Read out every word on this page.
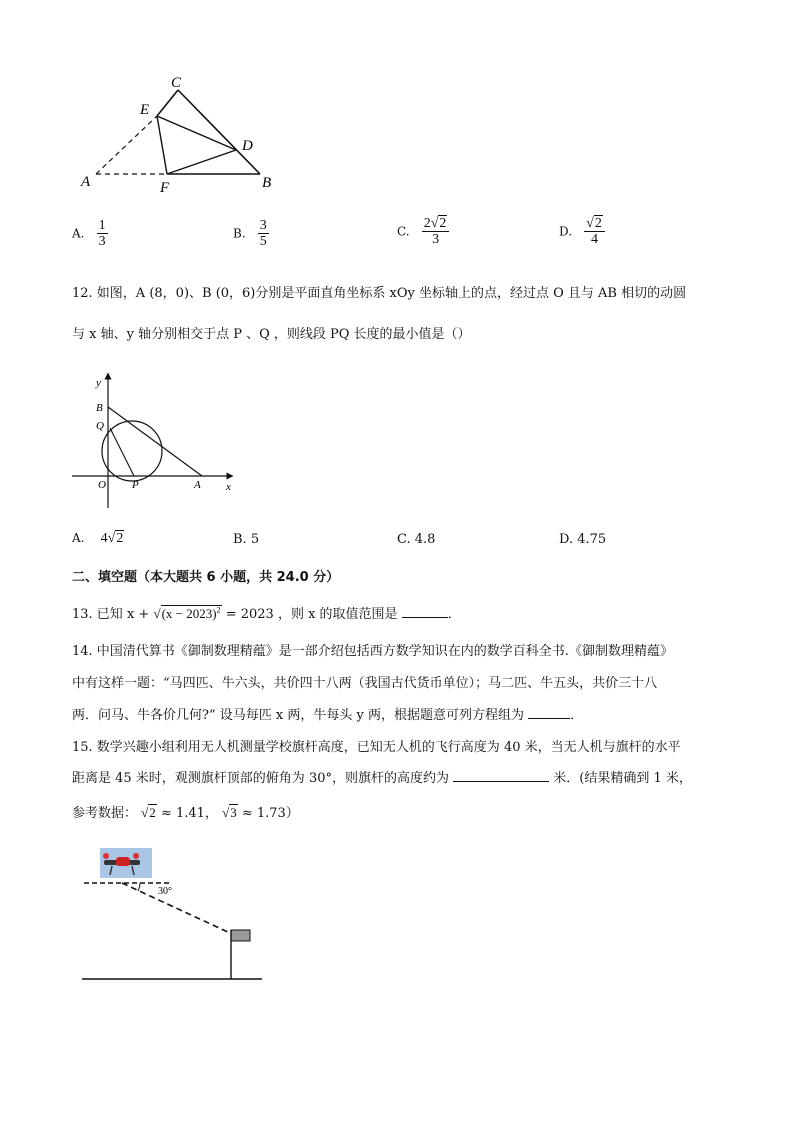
C
E
D
A	F	B
A. $\frac{1}{3}$	B. $\frac{3}{5}$	C. $\frac{2√2}{3}$	D. $\frac{√2}{4}$
12. 如图，A (8，0)、B (0，6)分别是平面直角坐标系 xOy 坐标轴上的点，经过点 O 且与 AB 相切的动圆
与 x 轴、y 轴分别相交于点 P 、Q ，则线段 PQ 长度的最小值是（）
y
x
B
Q
O P	A
A. 4√2	B. 5	C. 4.8	D. 4.75
二、填空题（本大题共 6 小题，共 24.0 分）
13. 已知 $x + √(x - 2023)^2 = 2023$ ，则 x 的取值范围是	．
14. 中国清代算书《御制数理精蕴》是一部介绍包括西方数学知识在内的数学百科全书.《御制数理精蕴》
中有这样一题：“马四匹、牛六头，共价四十八两（我国古代货币单位）；马二匹、牛五头，共价三十八
两．问马、牛各价几何?” 设马每匹 x 两，牛每头 y 两，根据题意可列方程组为	．
15. 数学兴趣小组利用无人机测量学校旗杆高度，已知无人机的飞行高度为 40 米，当无人机与旗杆的水平
距离是 45 米时，观测旗杆顶部的俯角为 30°，则旗杆的高度约为	米．(结果精确到 1 米，
参考数据： √2 ≈ 1.41， √3 ≈ 1.73）
30°
